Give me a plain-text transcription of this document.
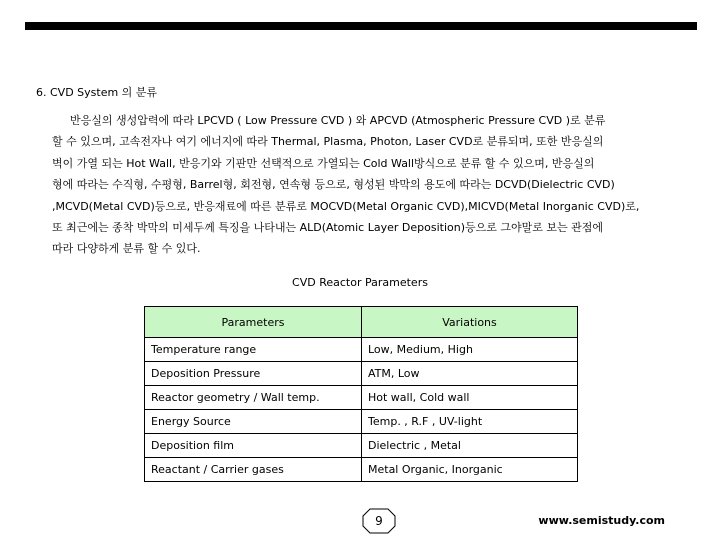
6. CVD System 의 분류
반응실의 생성압력에 따라 LPCVD ( Low Pressure CVD ) 와 APCVD (Atmospheric Pressure CVD )로 분류
할 수 있으며, 고속전자나 여기 에너지에 따라 Thermal, Plasma, Photon, Laser CVD로 분류되며, 또한 반응실의
벽이 가열 되는 Hot Wall, 반응기와 기판만 선택적으로 가열되는 Cold Wall방식으로 분류 할 수 있으며, 반응실의
형에 따라는 수직형, 수평형, Barrel형, 회전형, 연속형 등으로, 형성된 박막의 용도에 따라는 DCVD(Dielectric CVD)
,MCVD(Metal CVD)등으로, 반응재료에 따른 분류로 MOCVD(Metal Organic CVD),MICVD(Metal Inorganic CVD)로,
또 최근에는 종착 박막의 미세두께 특징을 나타내는 ALD(Atomic Layer Deposition)등으로 그야말로 보는 관점에
따라 다양하게 분류 할 수 있다.
CVD Reactor Parameters
Parameters	Variations
Temperature range	Low, Medium, High
Deposition Pressure	ATM, Low
Reactor geometry / Wall temp.	Hot wall, Cold wall
Energy Source	Temp. , R.F , UV-light
Deposition film	Dielectric , Metal
Reactant / Carrier gases	Metal Organic, Inorganic
9	www.semistudy.com
